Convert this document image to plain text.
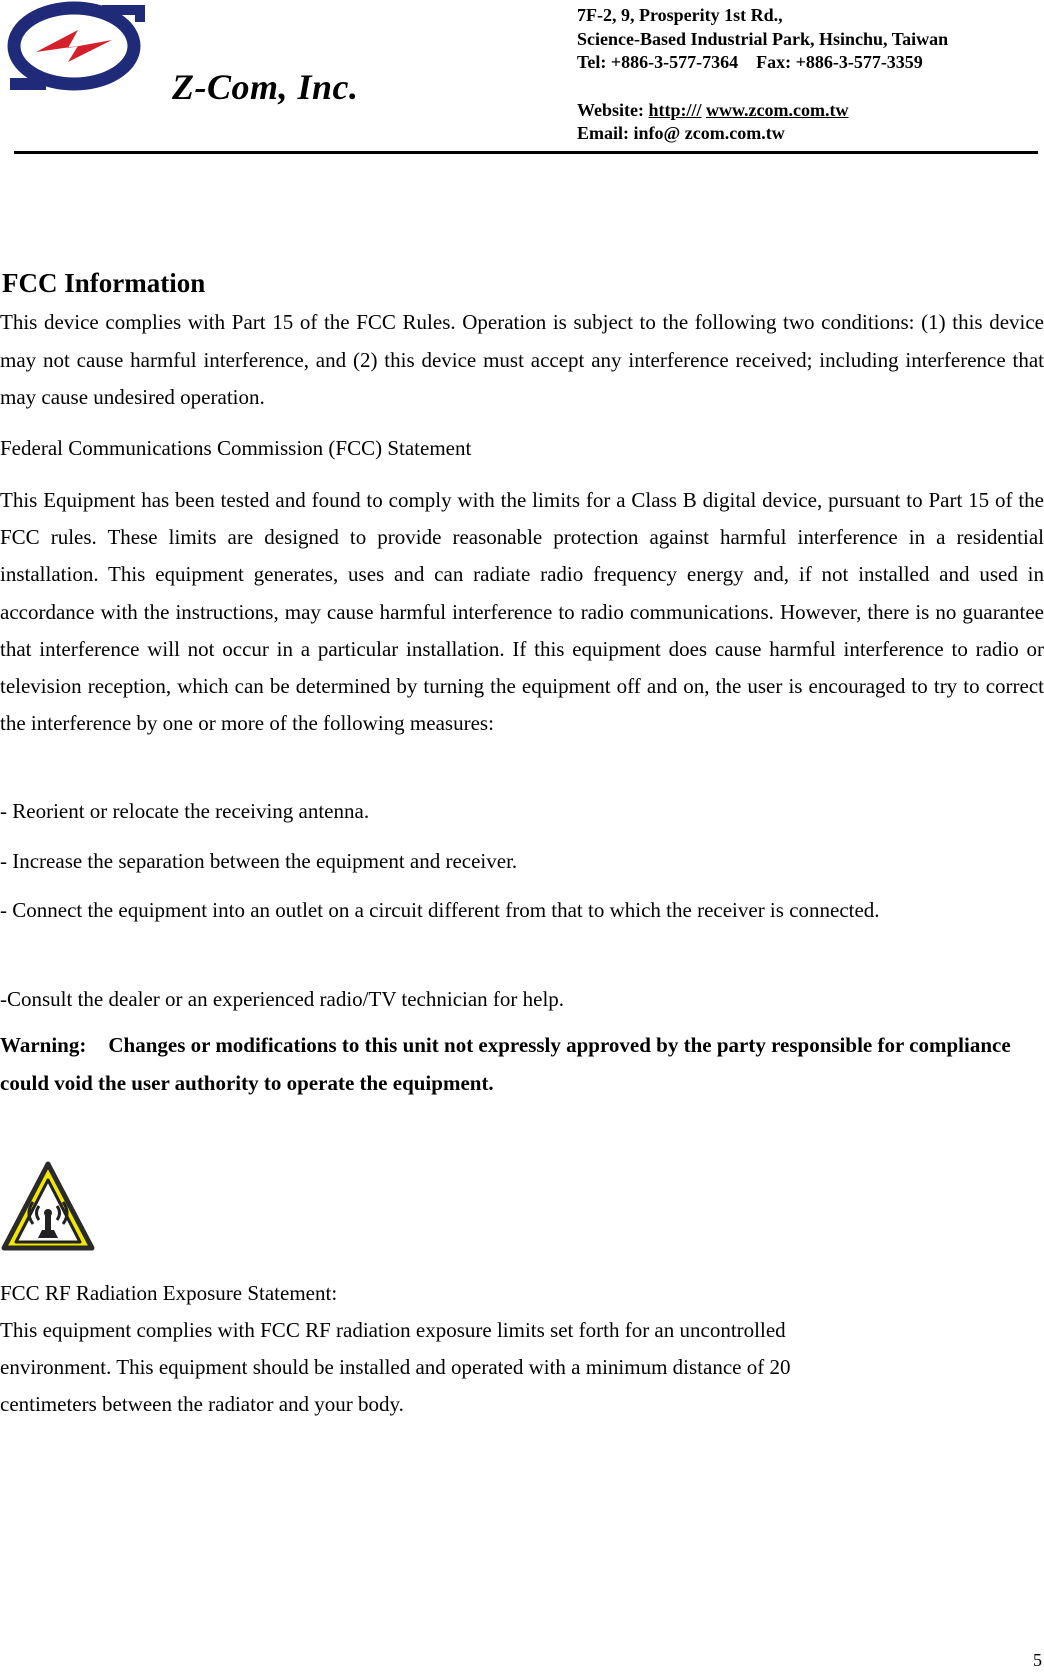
Z-Com, Inc.
7F-2, 9, Prosperity 1st Rd.,
Science-Based Industrial Park, Hsinchu, Taiwan
Tel: +886-3-577-7364 Fax: +886-3-577-3359
Website: http:/// www.zcom.com.tw
Email: info@ zcom.com.tw
FCC Information
This device complies with Part 15 of the FCC Rules. Operation is subject to the following two conditions: (1) this device may not cause harmful interference, and (2) this device must accept any interference received; including interference that may cause undesired operation.
Federal Communications Commission (FCC) Statement
This Equipment has been tested and found to comply with the limits for a Class B digital device, pursuant to Part 15 of the FCC rules. These limits are designed to provide reasonable protection against harmful interference in a residential installation. This equipment generates, uses and can radiate radio frequency energy and, if not installed and used in accordance with the instructions, may cause harmful interference to radio communications. However, there is no guarantee that interference will not occur in a particular installation. If this equipment does cause harmful interference to radio or television reception, which can be determined by turning the equipment off and on, the user is encouraged to try to correct the interference by one or more of the following measures:
- Reorient or relocate the receiving antenna.
- Increase the separation between the equipment and receiver.
- Connect the equipment into an outlet on a circuit different from that to which the receiver is connected.
-Consult the dealer or an experienced radio/TV technician for help.
Warning: Changes or modifications to this unit not expressly approved by the party responsible for compliance could void the user authority to operate the equipment.
FCC RF Radiation Exposure Statement:
This equipment complies with FCC RF radiation exposure limits set forth for an uncontrolled
environment. This equipment should be installed and operated with a minimum distance of 20
centimeters between the radiator and your body.
5
